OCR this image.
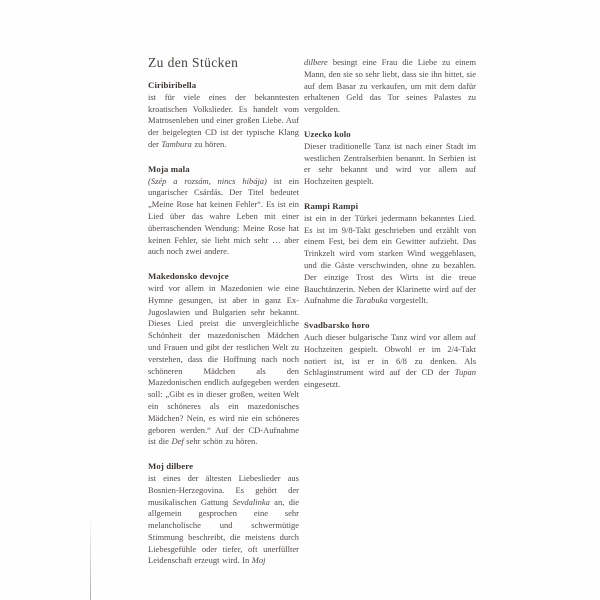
Zu den Stücken
Ciribiribella

ist für viele eines der bekanntesten kroatischen Volkslieder. Es handelt vom Matrosenleben und einer großen Liebe. Auf der beigelegten CD ist der typische Klang der Tambura zu hören.

Moja mala

(Szép a rozsám, nincs hibája) ist ein ungarischer Csárdás. Der Titel bedeutet „Meine Rose hat keinen Fehler“. Es ist ein Lied über das wahre Leben mit einer überraschenden Wendung: Meine Rose hat keinen Fehler, sie liebt mich sehr … aber auch noch zwei andere.

Makedonsko devojce

wird vor allem in Mazedonien wie eine Hymne gesungen, ist aber in ganz Ex-Jugoslawien und Bulgarien sehr bekannt. Dieses Lied preist die unvergleichliche Schönheit der mazedonischen Mädchen und Frauen und gibt der restlichen Welt zu verstehen, dass die Hoffnung nach noch schöneren Mädchen als den Mazedonischen endlich aufgegeben werden soll: „Gibt es in dieser großen, weiten Welt ein schöneres als ein mazedonisches Mädchen? Nein, es wird nie ein schöneres geboren werden.“ Auf der CD-Aufnahme ist die Def sehr schön zu hören.

Moj dilbere

ist eines der ältesten Liebeslieder aus Bosnien-Herzegovina. Es gehört der musikalischen Gattung Sevdalinka an, die allgemein gesprochen eine sehr melancholische und schwermütige Stimmung beschreibt, die meistens durch Liebesgefühle oder tiefer, oft unerfüllter Leidenschaft erzeugt wird. In Moj

dilbere besingt eine Frau die Liebe zu einem Mann, den sie so sehr liebt, dass sie ihn bittet, sie auf dem Basar zu verkaufen, um mit dem dafür erhaltenen Geld das Tor seines Palastes zu vergolden.

Uzecko kolo

Dieser traditionelle Tanz ist nach einer Stadt im westlichen Zentralserbien benannt. In Serbien ist er sehr bekannt und wird vor allem auf Hochzeiten gespielt.

Rampi Rampi

ist ein in der Türkei jedermann bekanntes Lied. Es ist im 9/8-Takt geschrieben und erzählt von einem Fest, bei dem ein Gewitter aufzieht. Das Trinkzelt wird vom starken Wind weggeblasen, und die Gäste verschwinden, ohne zu bezahlen. Der einzige Trost des Wirts ist die treue Bauchtänzerin. Neben der Klarinette wird auf der Aufnahme die Tarabuka vorgestellt.

Svadbarsko horo

Auch dieser bulgarische Tanz wird vor allem auf Hochzeiten gespielt. Obwohl er im 2/4-Takt notiert ist, ist er in 6/8 zu denken. Als Schlaginstrument wird auf der CD der Tupan eingesetzt.
